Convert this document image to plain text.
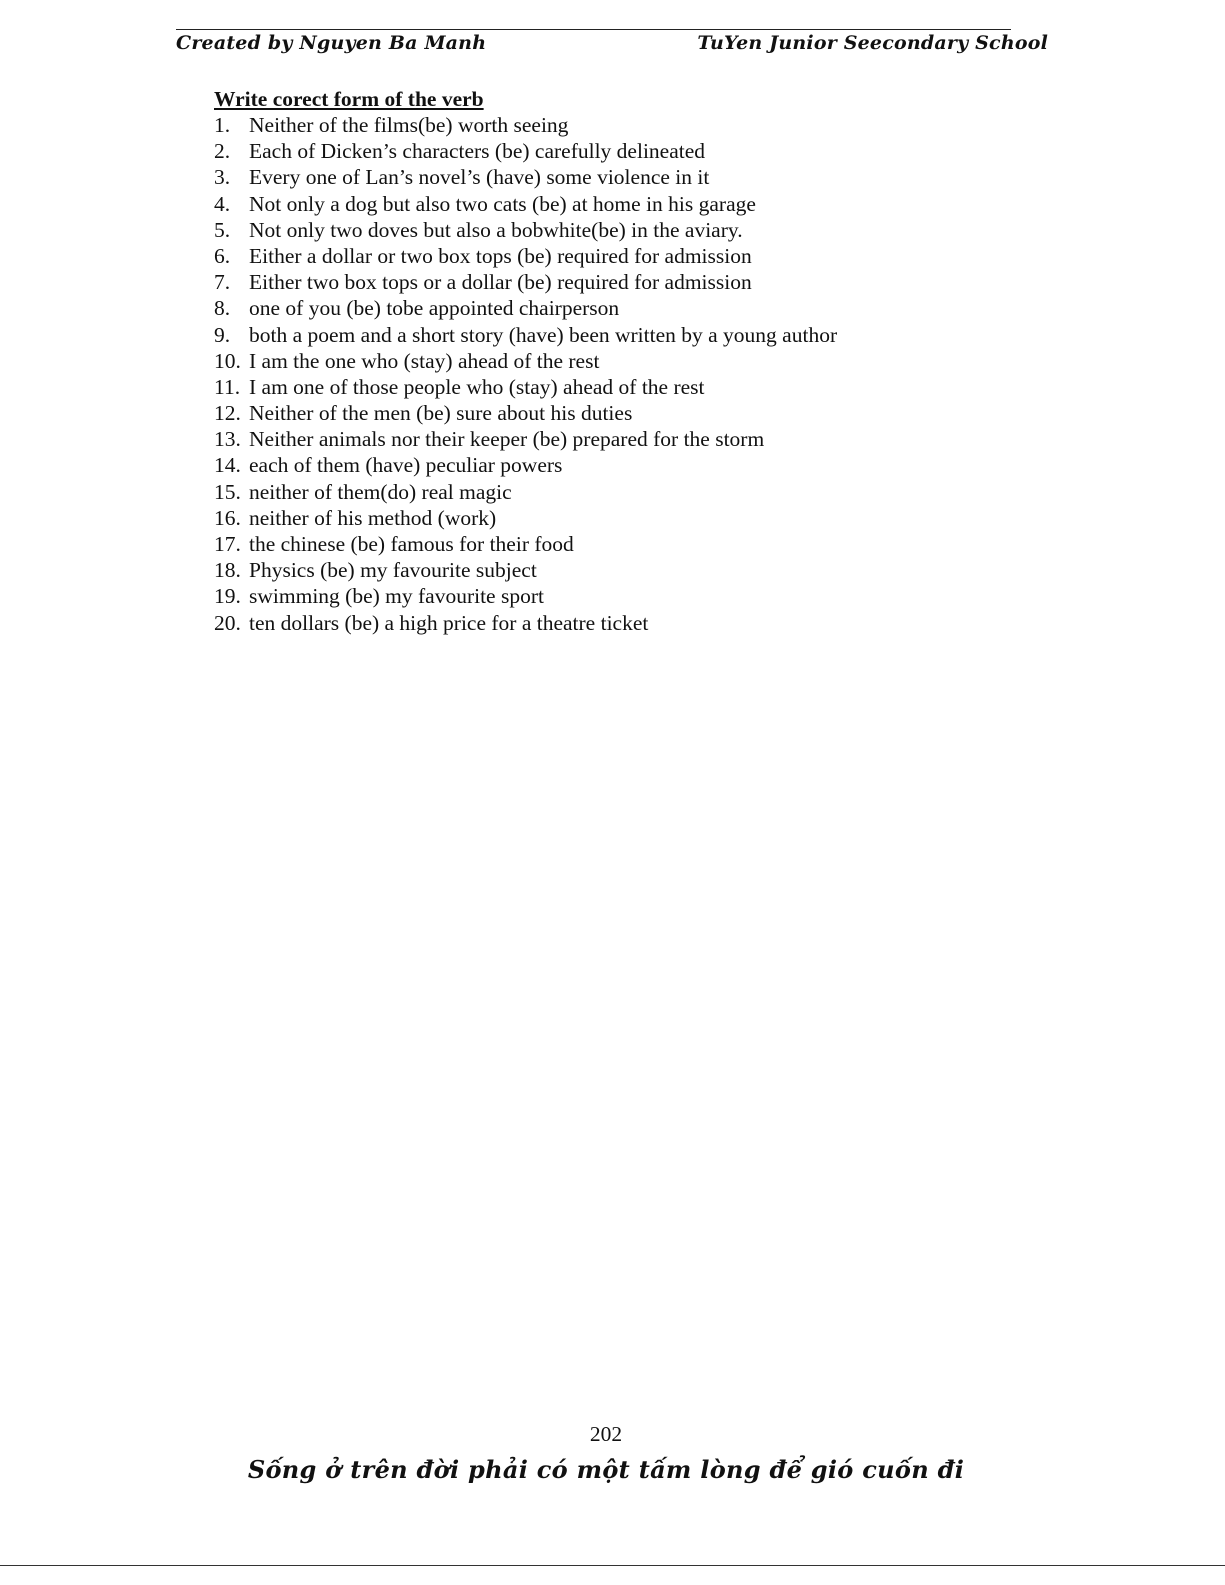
Created by Nguyen Ba Manh	TuYen Junior Seecondary School
Write corect form of the verb
1. Neither of the films(be) worth seeing
2. Each of Dicken’s characters (be) carefully delineated
3. Every one of Lan’s novel’s (have) some violence in it
4. Not only a dog but also two cats (be) at home in his garage
5. Not only two doves but also a bobwhite(be) in the aviary.
6. Either a dollar or two box tops (be) required for admission
7. Either two box tops or a dollar (be) required for admission
8. one of you (be) tobe appointed chairperson
9. both a poem and a short story (have) been written by a young author
10. I am the one who (stay) ahead of the rest
11. I am one of those people who (stay) ahead of the rest
12. Neither of the men (be) sure about his duties
13. Neither animals nor their keeper (be) prepared for the storm
14. each of them (have) peculiar powers
15. neither of them(do) real magic
16. neither of his method (work)
17. the chinese (be) famous for their food
18. Physics (be) my favourite subject
19. swimming (be) my favourite sport
20. ten dollars (be) a high price for a theatre ticket
202
Sống ở trên đời phải có một tấm lòng để gió cuốn đi
